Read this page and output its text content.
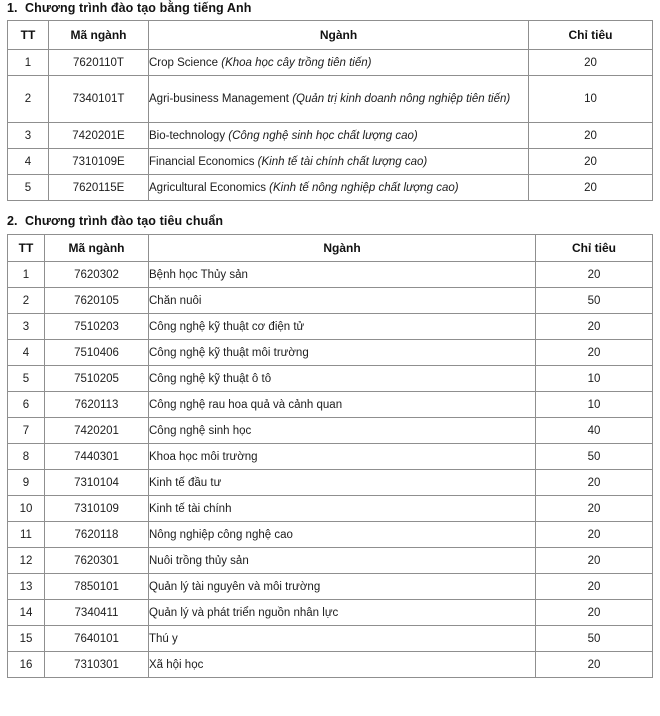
1. Chương trình đào tạo bằng tiếng Anh
TT	Mã ngành	Ngành	Chỉ tiêu
1	7620110T	Crop Science (Khoa học cây trồng tiên tiến)	20
2	7340101T	Agri-business Management (Quản trị kinh doanh nông nghiệp tiên tiến)	10
3	7420201E	Bio-technology (Công nghệ sinh học chất lượng cao)	20
4	7310109E	Financial Economics (Kinh tế tài chính chất lượng cao)	20
5	7620115E	Agricultural Economics (Kinh tế nông nghiệp chất lượng cao)	20
2. Chương trình đào tạo tiêu chuẩn
TT	Mã ngành	Ngành	Chỉ tiêu
1	7620302	Bệnh học Thủy sản	20
2	7620105	Chăn nuôi	50
3	7510203	Công nghệ kỹ thuật cơ điện tử	20
4	7510406	Công nghệ kỹ thuật môi trường	20
5	7510205	Công nghệ kỹ thuật ô tô	10
6	7620113	Công nghệ rau hoa quả và cảnh quan	10
7	7420201	Công nghệ sinh học	40
8	7440301	Khoa học môi trường	50
9	7310104	Kinh tế đầu tư	20
10	7310109	Kinh tế tài chính	20
11	7620118	Nông nghiệp công nghệ cao	20
12	7620301	Nuôi trồng thủy sản	20
13	7850101	Quản lý tài nguyên và môi trường	20
14	7340411	Quản lý và phát triển nguồn nhân lực	20
15	7640101	Thú y	50
16	7310301	Xã hội học	20
